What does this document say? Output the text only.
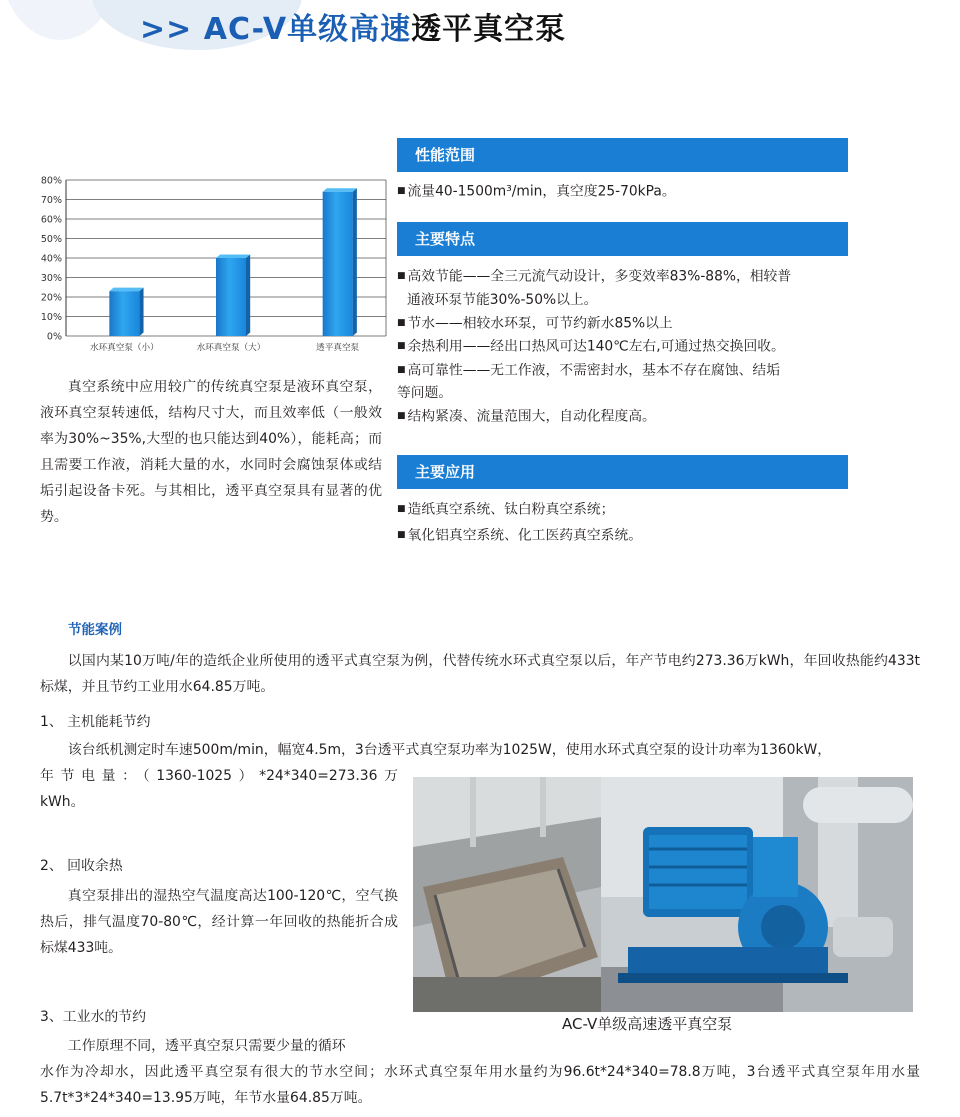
>> AC-V单级高速透平真空泵
0%
10%
20%
30%
40%
50%
60%
70%
80%
水环真空泵（小）	水环真空泵（大）	透平真空泵
真空系统中应用较广的传统真空泵是液环真空泵，液环真空泵转速低，结构尺寸大，而且效率低（一般效率为30%~35%,大型的也只能达到40%），能耗高；而且需要工作液，消耗大量的水，水同时会腐蚀泵体或结垢引起设备卡死。与其相比，透平真空泵具有显著的优势。
性能范围
■ 流量40-1500m³/min，真空度25-70kPa。
主要特点
■ 高效节能——全三元流气动设计，多变效率83%-88%，相较普
通液环泵节能30%-50%以上。
■ 节水——相较水环泵，可节约新水85%以上
■ 余热利用——经出口热风可达140℃左右,可通过热交换回收。
■ 高可靠性——无工作液，不需密封水，基本不存在腐蚀、结垢
等问题。
■ 结构紧凑、流量范围大，自动化程度高。
主要应用
■ 造纸真空系统、钛白粉真空系统；
■ 氧化铝真空系统、化工医药真空系统。
节能案例
以国内某10万吨/年的造纸企业所使用的透平式真空泵为例，代替传统水环式真空泵以后，年产节电约273.36万kWh，年回收热能约433t标煤，并且节约工业用水64.85万吨。
1、 主机能耗节约
该台纸机测定时车速500m/min，幅宽4.5m，3台透平式真空泵功率为1025W，使用水环式真空泵的设计功率为1360kW，
年节电量：（1360-1025）*24*340=273.36万
kWh。
2、 回收余热
真空泵排出的湿热空气温度高达100-120℃，空气换热后，排气温度70-80℃，经计算一年回收的热能折合成标煤433吨。
3、工业水的节约
工作原理不同，透平真空泵只需要少量的循环
水作为冷却水，因此透平真空泵有很大的节水空间；水环式真空泵年用水量约为96.6t*24*340=78.8万吨，3台透平式真空泵年用水量5.7t*3*24*340=13.95万吨，年节水量64.85万吨。
AC-V单级高速透平真空泵
